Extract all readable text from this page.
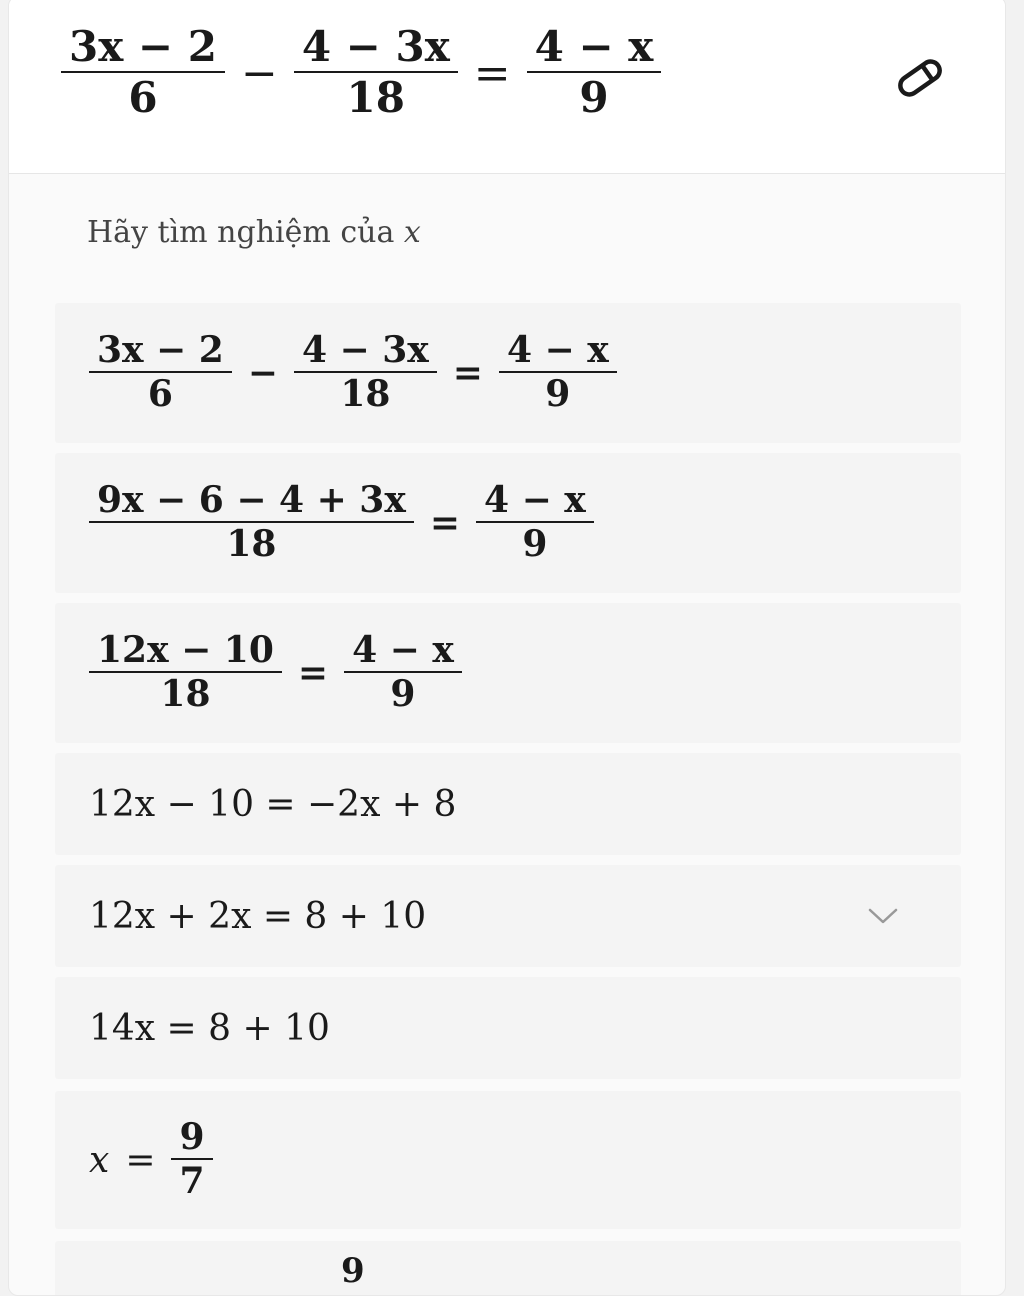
$\frac{3x - 2}{6} - \frac{4 - 3x}{18} = \frac{4 - x}{9}$
Hãy tìm nghiệm của x
$\frac{3x - 2}{6} - \frac{4 - 3x}{18} = \frac{4 - x}{9}$
$\frac{9x - 6 - 4 + 3x}{18} = \frac{4 - x}{9}$
$\frac{12x - 10}{18} = \frac{4 - x}{9}$
12x − 10 = −2x + 8
12x + 2x = 8 + 10
14x = 8 + 10
$x = \frac{9}{7}$
9
